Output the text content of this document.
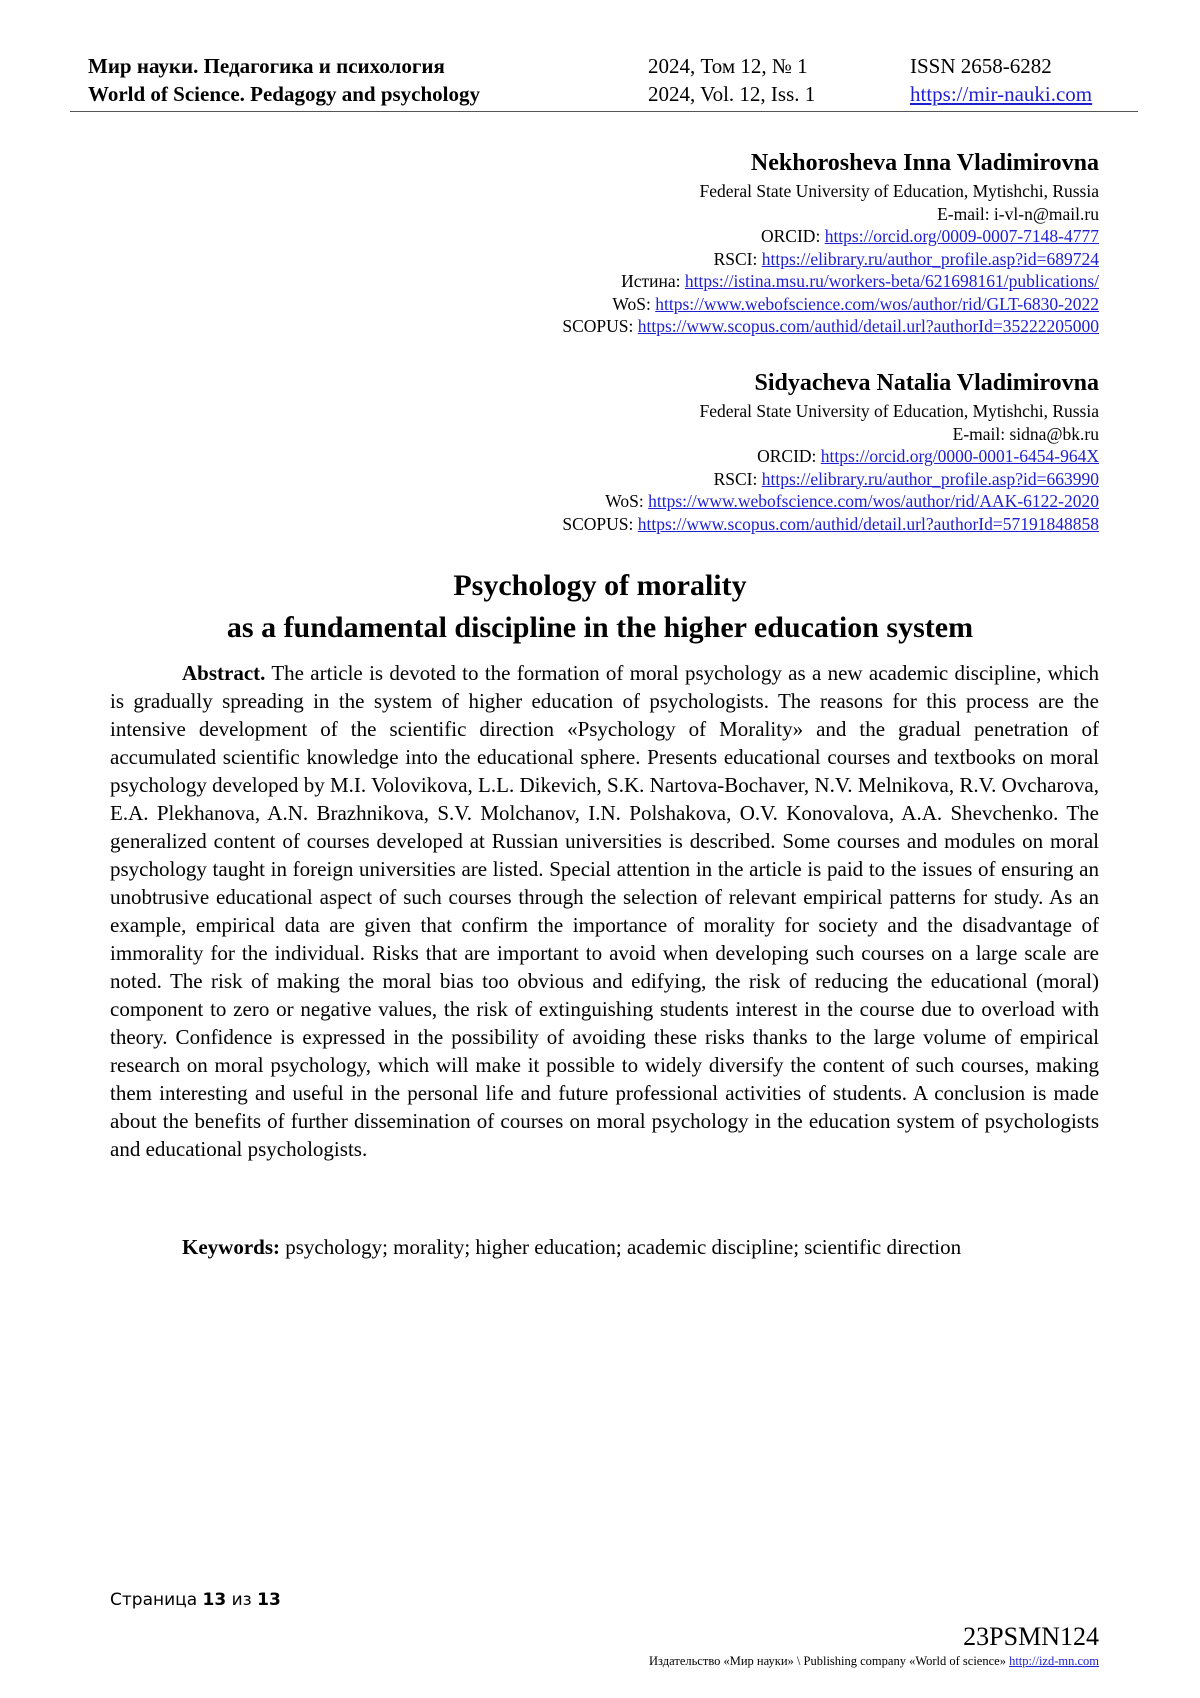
Мир науки. Педагогика и психология
World of Science. Pedagogy and psychology
2024, Том 12, № 1
2024, Vol. 12, Iss. 1
ISSN 2658-6282
https://mir-nauki.com
Nekhorosheva Inna Vladimirovna
Federal State University of Education, Mytishchi, Russia
E-mail: i-vl-n@mail.ru
ORCID: https://orcid.org/0009-0007-7148-4777
RSCI: https://elibrary.ru/author_profile.asp?id=689724
Истина: https://istina.msu.ru/workers-beta/621698161/publications/
WoS: https://www.webofscience.com/wos/author/rid/GLT-6830-2022
SCOPUS: https://www.scopus.com/authid/detail.url?authorId=35222205000
Sidyacheva Natalia Vladimirovna
Federal State University of Education, Mytishchi, Russia
E-mail: sidna@bk.ru
ORCID: https://orcid.org/0000-0001-6454-964X
RSCI: https://elibrary.ru/author_profile.asp?id=663990
WoS: https://www.webofscience.com/wos/author/rid/AAK-6122-2020
SCOPUS: https://www.scopus.com/authid/detail.url?authorId=57191848858
Psychology of morality
as a fundamental discipline in the higher education system

Abstract. The article is devoted to the formation of moral psychology as a new academic discipline, which is gradually spreading in the system of higher education of psychologists. The reasons for this process are the intensive development of the scientific direction «Psychology of Morality» and the gradual penetration of accumulated scientific knowledge into the educational sphere. Presents educational courses and textbooks on moral psychology developed by M.I. Volovikova, L.L. Dikevich, S.K. Nartova-Bochaver, N.V. Melnikova, R.V. Ovcharova, E.A. Plekhanova, A.N. Brazhnikova, S.V. Molchanov, I.N. Polshakova, O.V. Konovalova, A.A. Shevchenko. The generalized content of courses developed at Russian universities is described. Some courses and modules on moral psychology taught in foreign universities are listed. Special attention in the article is paid to the issues of ensuring an unobtrusive educational aspect of such courses through the selection of relevant empirical patterns for study. As an example, empirical data are given that confirm the importance of morality for society and the disadvantage of immorality for the individual. Risks that are important to avoid when developing such courses on a large scale are noted. The risk of making the moral bias too obvious and edifying, the risk of reducing the educational (moral) component to zero or negative values, the risk of extinguishing students interest in the course due to overload with theory. Confidence is expressed in the possibility of avoiding these risks thanks to the large volume of empirical research on moral psychology, which will make it possible to widely diversify the content of such courses, making them interesting and useful in the personal life and future professional activities of students. A conclusion is made about the benefits of further dissemination of courses on moral psychology in the education system of psychologists and educational psychologists.

Keywords: psychology; morality; higher education; academic discipline; scientific direction
Страница 13 из 13
23PSMN124
Издательство «Мир науки» \ Publishing company «World of science» http://izd-mn.com
